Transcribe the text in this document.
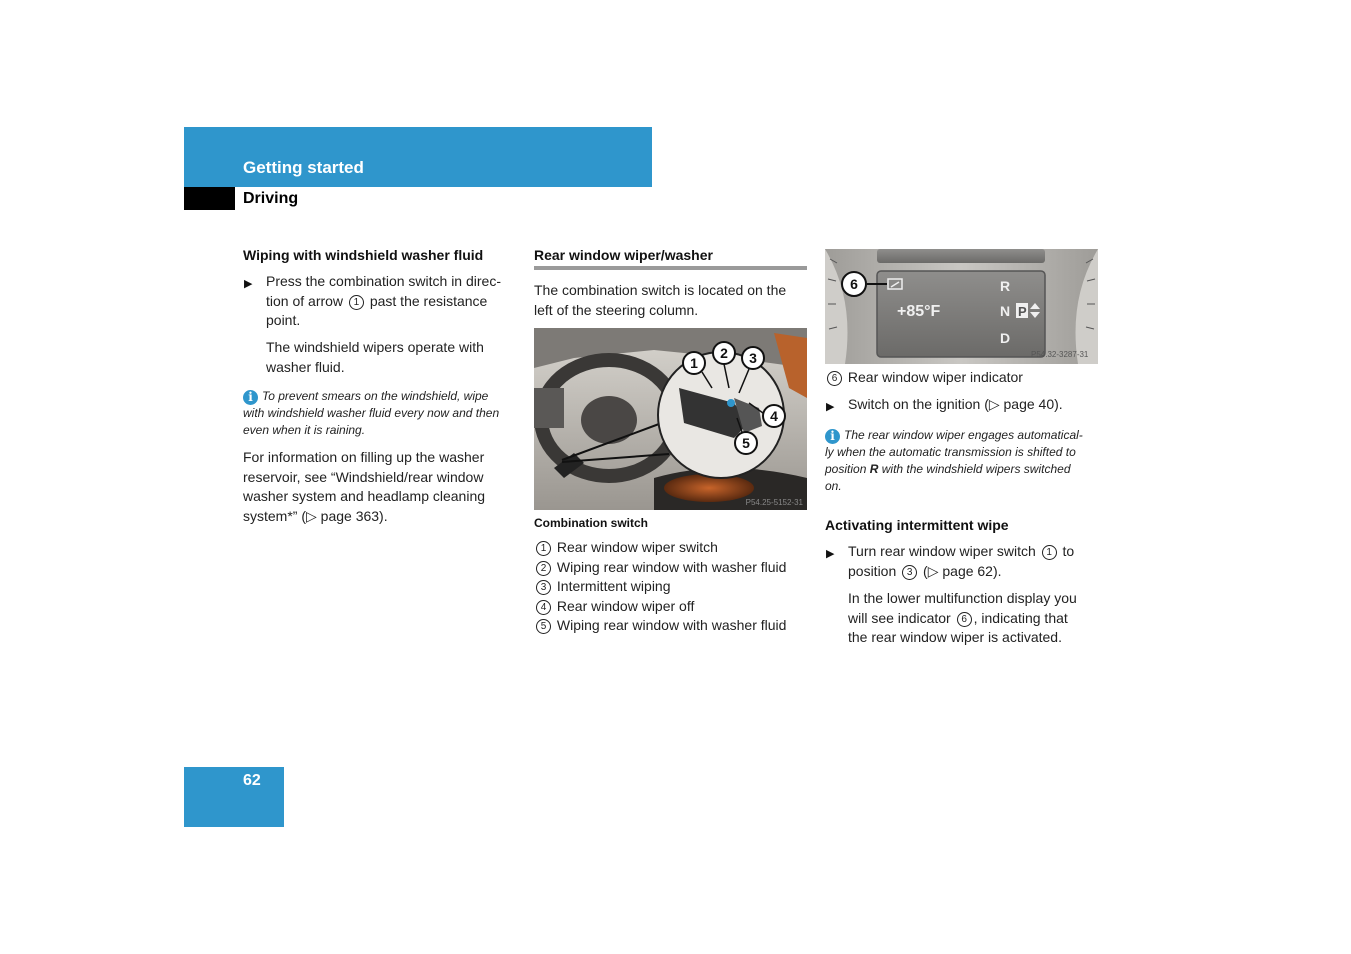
Getting started
Driving
Wiping with windshield washer fluid
▶ Press the combination switch in direc-
tion of arrow 1 past the resistance
point.
The windshield wipers operate with
washer fluid.
i To prevent smears on the windshield, wipe
with windshield washer fluid every now and then
even when it is raining.
For information on filling up the washer
reservoir, see “Windshield/rear window
washer system and headlamp cleaning
system*” (▷ page 363).
Rear window wiper/washer
The combination switch is located on the
left of the steering column.
1
2 3
4
5
P54.25-5152-31
Combination switch
1 Rear window wiper switch
2 Wiping rear window with washer fluid
3 Intermittent wiping
4 Rear window wiper off
5 Wiping rear window with washer fluid
6
+85°F
R
N P
D
P54.32-3287-31
6 Rear window wiper indicator
▶ Switch on the ignition (▷ page 40).
i The rear window wiper engages automatical-
ly when the automatic transmission is shifted to
position R with the windshield wipers switched
on.
Activating intermittent wipe
▶ Turn rear window wiper switch 1 to
position 3 (▷ page 62).
In the lower multifunction display you
will see indicator 6 , indicating that
the rear window wiper is activated.
62
